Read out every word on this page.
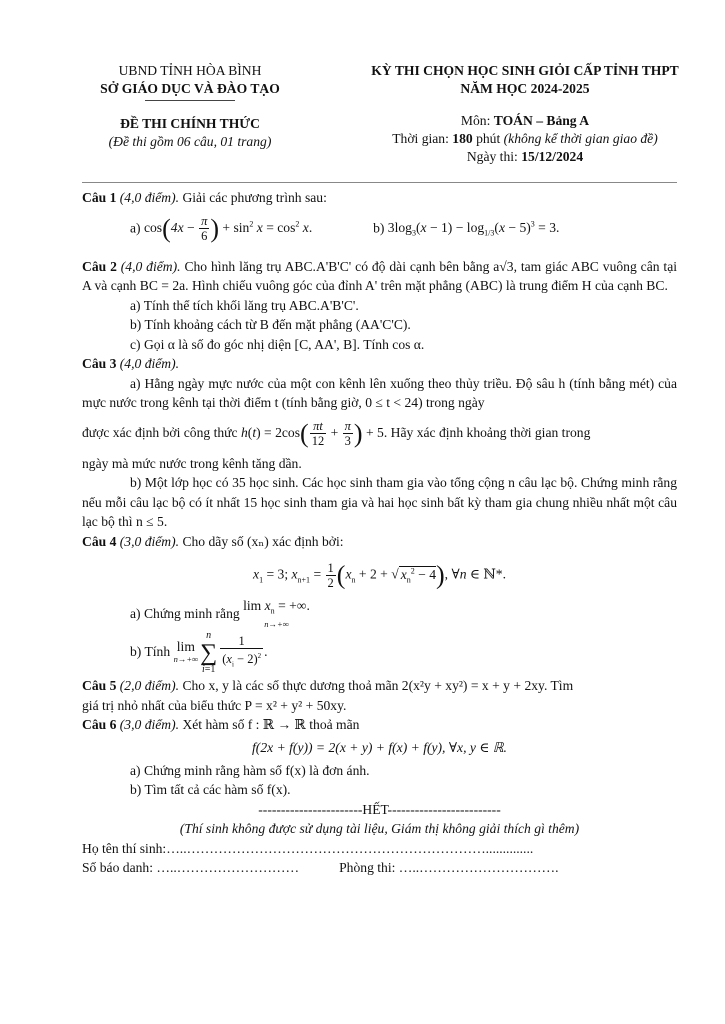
UBND TỈNH HÒA BÌNH
SỞ GIÁO DỤC VÀ ĐÀO TẠO
ĐỀ THI CHÍNH THỨC
(Đề thi gồm 06 câu, 01 trang)
KỲ THI CHỌN HỌC SINH GIỎI CẤP TỈNH THPT
NĂM HỌC 2024-2025
Môn: TOÁN – Bảng A
Thời gian: 180 phút (không kể thời gian giao đề)
Ngày thi: 15/12/2024

Câu 1 (4,0 điểm). Giải các phương trình sau:

a) $\cos(4x - \frac{\pi}{6}$ ) + $\sin^2 x = \cos^2 x$.	b) $3\log_3(x - 1) - \log_{1/3}(x - 5)^3 = 3$.

Câu 2 (4,0 điểm). Cho hình lăng trụ ABC.A'B'C' có độ dài cạnh bên bằng a√3, tam giác ABC vuông cân tại A và cạnh BC = 2a. Hình chiếu vuông góc của đỉnh A' trên mặt phẳng (ABC) là trung điểm H của cạnh BC.

a) Tính thể tích khối lăng trụ ABC.A'B'C'.

b) Tính khoảng cách từ B đến mặt phẳng (AA'C'C).

c) Gọi α là số đo góc nhị diện [C, AA', B]. Tính cos α.

Câu 3 (4,0 điểm).

a) Hằng ngày mực nước của một con kênh lên xuống theo thủy triều. Độ sâu h (tính bằng mét) của mực nước trong kênh tại thời điểm t (tính bằng giờ, 0 ≤ t < 24) trong ngày

được xác định bởi công thức $h(t) = 2\cos( \frac{\pi t}{12} + \frac{\pi}{3}$ ) + 5. Hãy xác định khoảng thời gian trong

ngày mà mức nước trong kênh tăng dần.

b) Một lớp học có 35 học sinh. Các học sinh tham gia vào tổng cộng n câu lạc bộ. Chứng minh rằng nếu mỗi câu lạc bộ có ít nhất 15 học sinh tham gia và hai học sinh bất kỳ tham gia chung nhiều nhất một câu lạc bộ thì n ≤ 5.

Câu 4 (3,0 điểm). Cho dãy số (xₙ) xác định bởi:

$x_1 = 3$; $x_{n+1} = \frac{1}{2} (x_n + 2$ + √ $x_n^2 - 4$), ∀n ∈ ℕ*.

a) Chứng minh rằng
$\lim x_n$ = +∞.
n→+∞

b) Tính lim
n→+∞
n
∑
$i=1 \frac{1}{(x_i - 2)^2}$ .

Câu 5 (2,0 điểm). Cho x, y là các số thực dương thoả mãn 2(x²y + xy²) = x + y + 2xy. Tìm

giá trị nhỏ nhất của biểu thức P = x² + y² + 50xy.

Câu 6 (3,0 điểm). Xét hàm số f : ℝ → ℝ thoả mãn

f(2x + f(y)) = 2(x + y) + f(x) + f(y), ∀x, y ∈ ℝ.

a) Chứng minh rằng hàm số f(x) là đơn ánh.

b) Tìm tất cả các hàm số f(x).

-----------------------HẾT-------------------------

(Thí sinh không được sử dụng tài liệu, Giám thị không giải thích gì thêm)

Họ tên thí sinh:…..…………………………………………………………..............

Số báo danh: …..………………………	Phòng thi: …..………………………….
